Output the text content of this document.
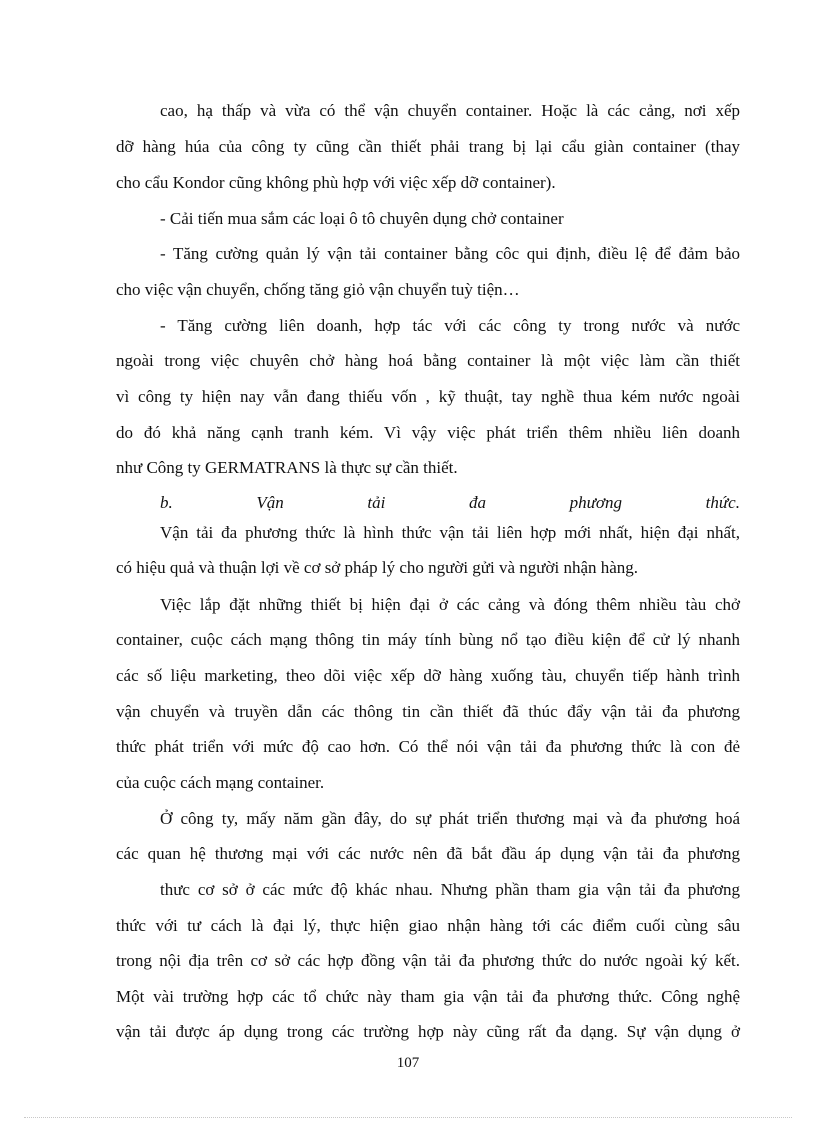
cao, hạ thấp và vừa có thể vận chuyển container. Hoặc là các cảng, nơi xếp

dỡ hàng húa của công ty cũng cần thiết phải trang bị lại cẩu giàn container (thay

cho cẩu Kondor cũng không phù hợp với việc xếp dỡ container).

- Cải tiến mua sắm các loại ô tô chuyên dụng chở container

- Tăng cường quản lý vận tải container bằng côc qui định, điều lệ để đảm bảo

cho việc vận chuyển, chống tăng giỏ vận chuyển tuỳ tiện…

- Tăng cường liên doanh, hợp tác với các công ty trong nước và nước

ngoài trong việc chuyên chở hàng hoá bằng container là một việc làm cần thiết

vì công ty hiện nay vẫn đang thiếu vốn , kỹ thuật, tay nghề thua kém nước ngoài

do đó khả năng cạnh tranh kém. Vì vậy việc phát triển thêm nhiều liên doanh

như Công ty GERMATRANS là thực sự cần thiết.

b.	Vận	tải	đa	phương	thức.

Vận tải đa phương thức là hình thức vận tải liên hợp mới nhất, hiện đại nhất,

có hiệu quả và thuận lợi về cơ sở pháp lý cho người gửi và người nhận hàng.

Việc lắp đặt những thiết bị hiện đại ở các cảng và đóng thêm nhiều tàu chở

container, cuộc cách mạng thông tin máy tính bùng nổ tạo điều kiện để cử lý nhanh

các số liệu marketing, theo dõi việc xếp dỡ hàng xuống tàu, chuyển tiếp hành trình

vận chuyển và truyền dẫn các thông tin cần thiết đã thúc đẩy vận tải đa phương

thức phát triển với mức độ cao hơn. Có thể nói vận tải đa phương thức là con đẻ

của cuộc cách mạng container.

Ở công ty, mấy năm gần đây, do sự phát triển thương mại và đa phương hoá

các quan hệ thương mại với các nước nên đã bắt đầu áp dụng vận tải đa phương

thưc cơ sở ở các mức độ khác nhau. Nhưng phần tham gia vận tải đa phương

thức với tư cách là đại lý, thực hiện giao nhận hàng tới các điểm cuối cùng sâu

trong nội địa trên cơ sở các hợp đồng vận tải đa phương thức do nước ngoài ký kết.

Một vài trường hợp các tổ chức này tham gia vận tải đa phương thức. Công nghệ

vận tải được áp dụng trong các trường hợp này cũng rất đa dạng. Sự vận dụng ở

107
